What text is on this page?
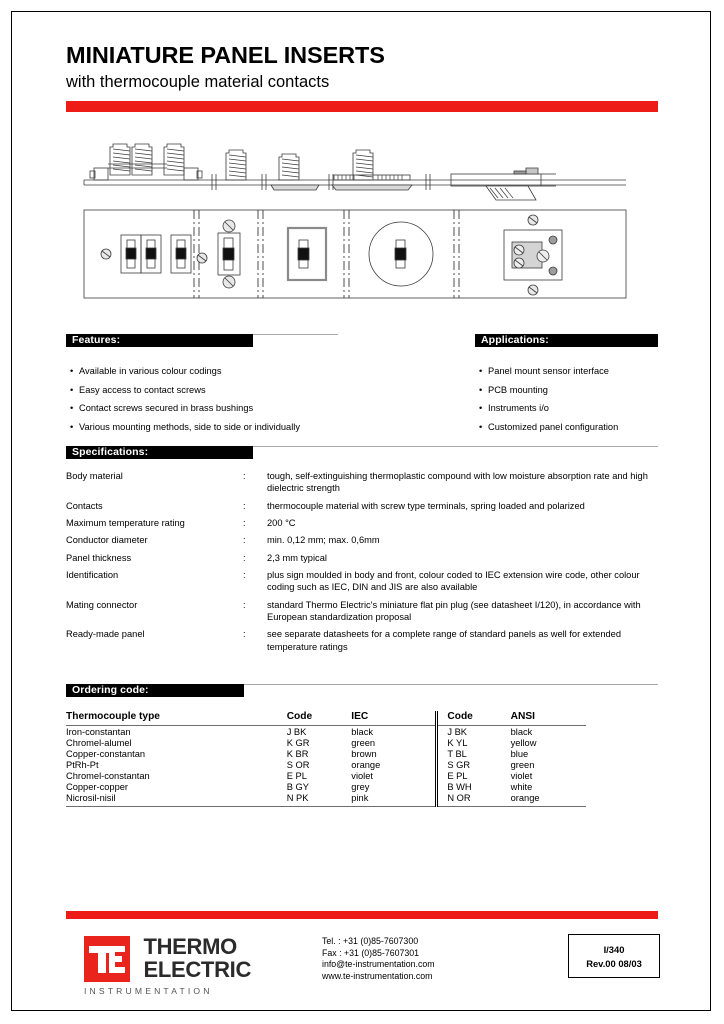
MINIATURE PANEL INSERTS
with thermocouple material contacts
Features:
• Available in various colour codings
• Easy access to contact screws
• Contact screws secured in brass bushings
• Various mounting methods, side to side or individually
Applications:
• Panel mount sensor interface
• PCB mounting
• Instruments i/o
• Customized panel configuration
Specifications:
Body material	:	tough, self-extinguishing thermoplastic compound with low moisture absorption rate and high dielectric strength
Contacts	:	thermocouple material with screw type terminals, spring loaded and polarized
Maximum temperature rating	:	200 °C
Conductor diameter	:	min. 0,12 mm; max. 0,6mm
Panel thickness	:	2,3 mm typical
Identification	:	plus sign moulded in body and front, colour coded to IEC extension wire code, other colour coding such as IEC, DIN and JIS are also available
Mating connector	:	standard Thermo Electric's miniature flat pin plug (see datasheet I/120), in accordance with European standardization proposal
Ready-made panel	:	see separate datasheets for a complete range of standard panels as well for extended temperature ratings
Ordering code:
Thermocouple type	Code	IEC	Code	ANSI
Iron-constantan	J BK	black	J BK	black
Chromel-alumel	K GR	green	K YL	yellow
Copper-constantan	K BR	brown	T BL	blue
PtRh-Pt	S OR	orange	S GR	green
Chromel-constantan	E PL	violet	E PL	violet
Copper-copper	B GY	grey	B WH	white
Nicrosil-nisil	N PK	pink	N OR	orange

THERMO
ELECTRIC
INSTRUMENTATION
Tel. : +31 (0)85-7607300
Fax : +31 (0)85-7607301
info@te-instrumentation.com
www.te-instrumentation.com
I/340
Rev.00 08/03
